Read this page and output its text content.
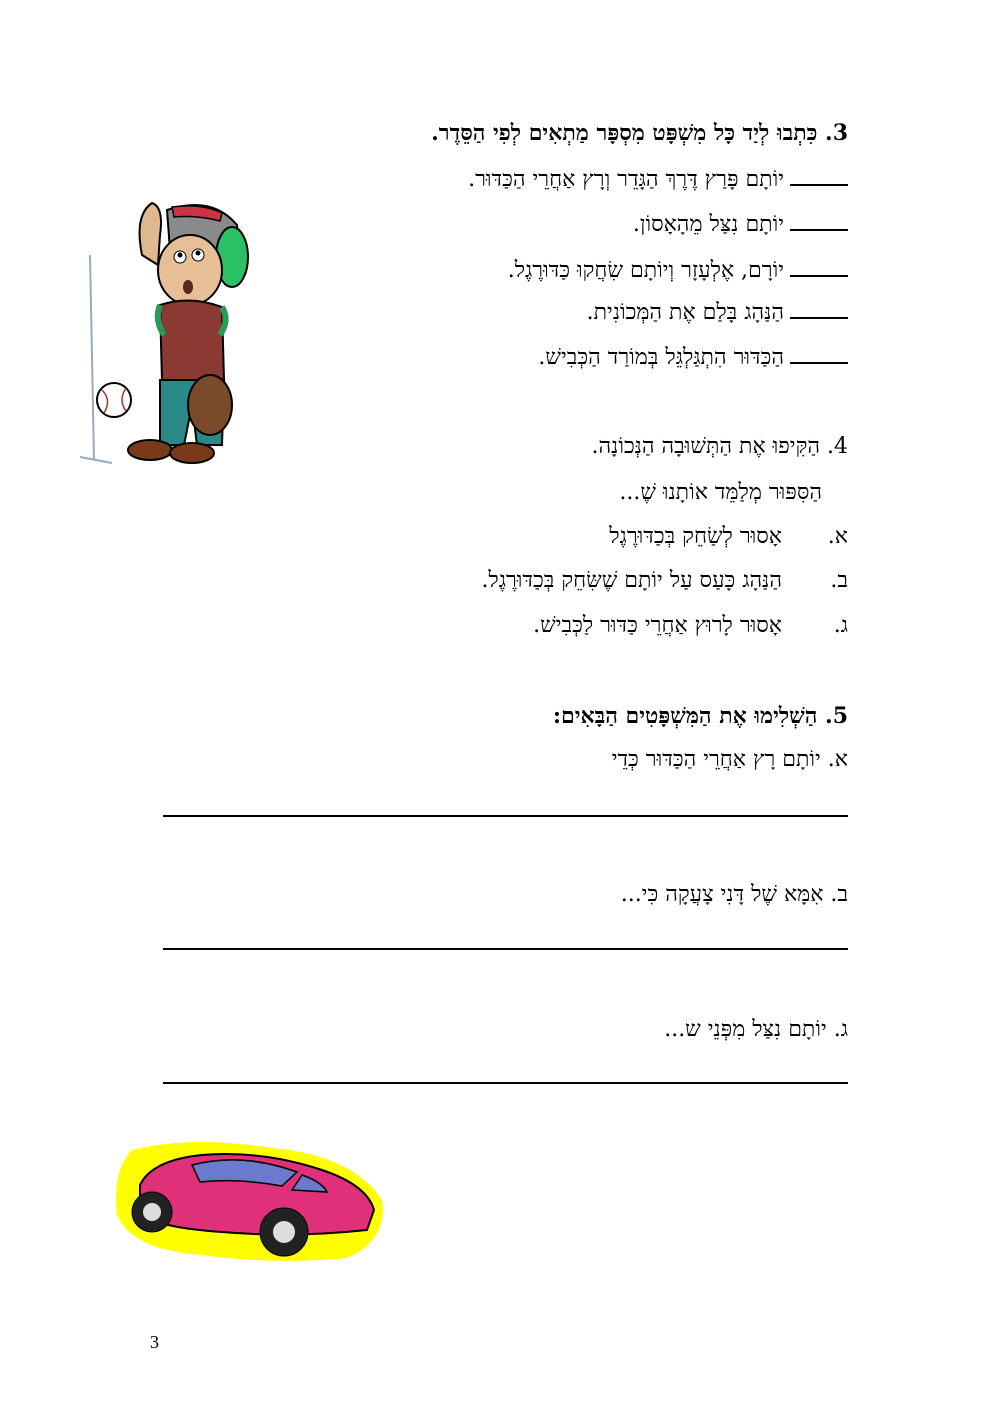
3. כִּתְבוּ לְיַד כָּל מִשְׁפָּט מִסְפָּר מַתְאִים לְפִי הַסֵּדֶר.
יוֹתָם פָּרַץ דֶּרֶךְ הַגָּדֵר וְרָץ אַחֲרֵי הַכַּדּוּר.
יוֹתָם נִצַּל מֵהָאָסוֹן.
יוֹרָם, אֶלְעָזָר וְיוֹתָם שִׂחֲקוּ כַּדּוּרֶגֶל.
הַנַּהָג בָּלַם אֶת הַמְּכוֹנִית.
הַכַּדּוּר הִתְגַּלְגֵּל בְּמוֹרַד הַכְּבִישׁ.
4. הַקִּיפוּ אֶת הַתְּשׁוּבָה הַנְּכוֹנָה.
הַסִּפּוּר מְלַמֵּד אוֹתָנוּ שֶׁ...
א.אָסוּר לְשַׂחֵק בְּכַדּוּרֶגֶל
ב.הַנַּהָג כָּעַס עַל יוֹתָם שֶׁשִּׂחֵק בְּכַדּוּרֶגֶל.
ג.אָסוּר לָרוּץ אַחֲרֵי כַּדּוּר לַכְּבִישׁ.
5. הַשְׁלִימוּ אֶת הַמִּשְׁפָּטִים הַבָּאִים:
א. יוֹתָם רָץ אַחֲרֵי הַכַּדּוּר כְּדֵי
ב. אִמָּא שֶׁל דָּנִי צָעֲקָה כִּי...
ג. יוֹתָם נִצַּל מִפְּנֵי ש...
3
